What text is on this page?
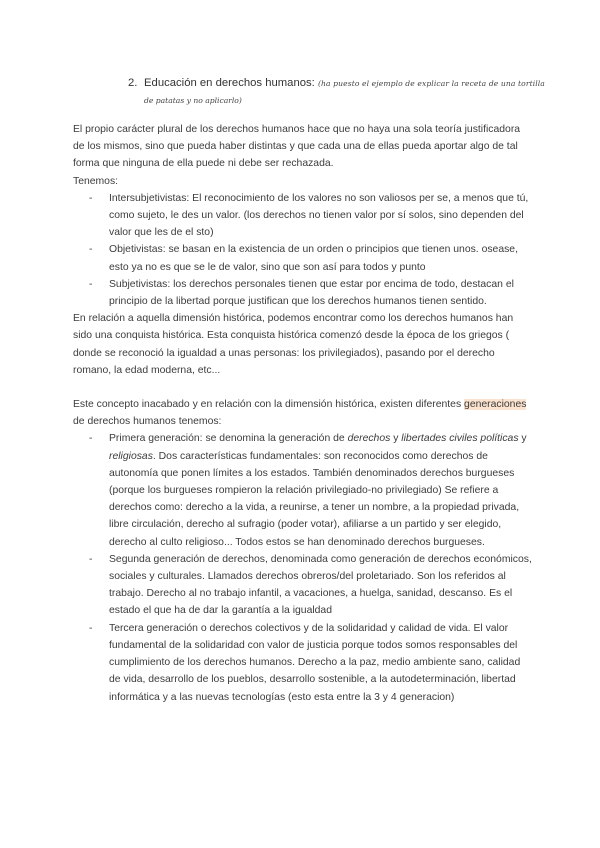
2. Educación en derechos humanos: (ha puesto el ejemplo de explicar la receta de una tortilla
de patatas y no aplicarlo)

El propio carácter plural de los derechos humanos hace que no haya una sola teoría justificadora de los mismos, sino que pueda haber distintas y que cada una de ellas pueda aportar algo de tal forma que ninguna de ella puede ni debe ser rechazada.

Tenemos:

- Intersubjetivistas: El reconocimiento de los valores no son valiosos per se, a menos que tú, como sujeto, le des un valor. (los derechos no tienen valor por sí solos, sino dependen del valor que les de el sto)
- Objetivistas: se basan en la existencia de un orden o principios que tienen unos. osease, esto ya no es que se le de valor, sino que son así para todos y punto
- Subjetivistas: los derechos personales tienen que estar por encima de todo, destacan el principio de la libertad porque justifican que los derechos humanos tienen sentido.

En relación a aquella dimensión histórica, podemos encontrar como los derechos humanos han sido una conquista histórica. Esta conquista histórica comenzó desde la época de los griegos ( donde se reconoció la igualdad a unas personas: los privilegiados), pasando por el derecho romano, la edad moderna, etc...

Este concepto inacabado y en relación con la dimensión histórica, existen diferentes generaciones de derechos humanos tenemos:

- Primera generación: se denomina la generación de derechos y libertades civiles políticas y religiosas. Dos características fundamentales: son reconocidos como derechos de autonomía que ponen límites a los estados. También denominados derechos burgueses (porque los burgueses rompieron la relación privilegiado-no privilegiado) Se refiere a derechos como: derecho a la vida, a reunirse, a tener un nombre, a la propiedad privada, libre circulación, derecho al sufragio (poder votar), afiliarse a un partido y ser elegido, derecho al culto religioso... Todos estos se han denominado derechos burgueses.
- Segunda generación de derechos, denominada como generación de derechos económicos, sociales y culturales. Llamados derechos obreros/del proletariado. Son los referidos al trabajo. Derecho al no trabajo infantil, a vacaciones, a huelga, sanidad, descanso. Es el estado el que ha de dar la garantía a la igualdad
- Tercera generación o derechos colectivos y de la solidaridad y calidad de vida. El valor fundamental de la solidaridad con valor de justicia porque todos somos responsables del cumplimiento de los derechos humanos. Derecho a la paz, medio ambiente sano, calidad de vida, desarrollo de los pueblos, desarrollo sostenible, a la autodeterminación, libertad informática y a las nuevas tecnologías (esto esta entre la 3 y 4 generacion)
